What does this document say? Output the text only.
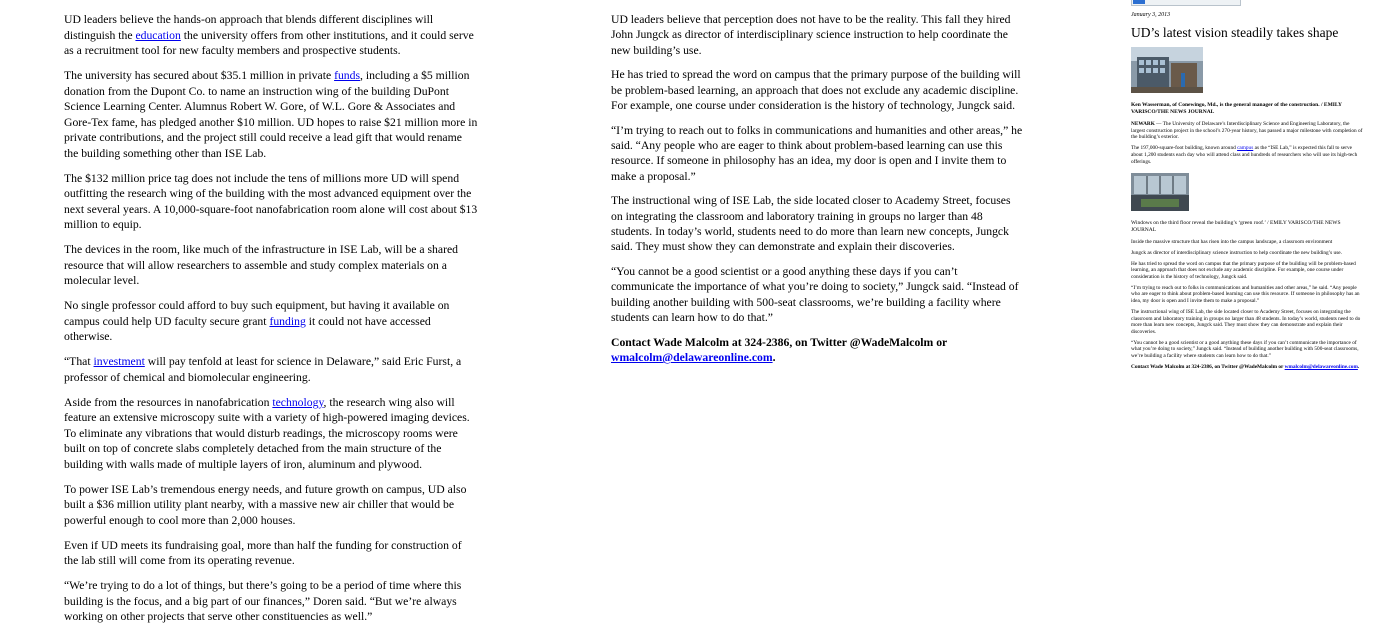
UD leaders believe the hands-on approach that blends different disciplines will distinguish the education the university offers from other institutions, and it could serve as a recruitment tool for new faculty members and prospective students.

The university has secured about $35.1 million in private funds, including a $5 million donation from the Dupont Co. to name an instruction wing of the building DuPont Science Learning Center. Alumnus Robert W. Gore, of W.L. Gore & Associates and Gore-Tex fame, has pledged another $10 million. UD hopes to raise $21 million more in private contributions, and the project still could receive a lead gift that would rename the building something other than ISE Lab.

The $132 million price tag does not include the tens of millions more UD will spend outfitting the research wing of the building with the most advanced equipment over the next several years. A 10,000-square-foot nanofabrication room alone will cost about $13 million to equip.

The devices in the room, like much of the infrastructure in ISE Lab, will be a shared resource that will allow researchers to assemble and study complex materials on a molecular level.

No single professor could afford to buy such equipment, but having it available on campus could help UD faculty secure grant funding it could not have accessed otherwise.

“That investment will pay tenfold at least for science in Delaware,” said Eric Furst, a professor of chemical and biomolecular engineering.

Aside from the resources in nanofabrication technology, the research wing also will feature an extensive microscopy suite with a variety of high-powered imaging devices. To eliminate any vibrations that would disturb readings, the microscopy rooms were built on top of concrete slabs completely detached from the main structure of the building with walls made of multiple layers of iron, aluminum and plywood.

To power ISE Lab’s tremendous energy needs, and future growth on campus, UD also built a $36 million utility plant nearby, with a massive new air chiller that would be powerful enough to cool more than 2,000 houses.

Even if UD meets its fundraising goal, more than half the funding for construction of the lab still will come from its operating revenue.

“We’re trying to do a lot of things, but there’s going to be a period of time where this building is the focus, and a big part of our finances,” Doren said. “But we’re always working on other projects that serve other constituencies as well.”

UD leaders believe that perception does not have to be the reality. This fall they hired John Jungck as director of interdisciplinary science instruction to help coordinate the new building’s use.

He has tried to spread the word on campus that the primary purpose of the building will be problem-based learning, an approach that does not exclude any academic discipline. For example, one course under consideration is the history of technology, Jungck said.

“I’m trying to reach out to folks in communications and humanities and other areas,” he said. “Any people who are eager to think about problem-based learning can use this resource. If someone in philosophy has an idea, my door is open and I invite them to make a proposal.”

The instructional wing of ISE Lab, the side located closer to Academy Street, focuses on integrating the classroom and laboratory training in groups no larger than 48 students. In today’s world, students need to do more than learn new concepts, Jungck said. They must show they can demonstrate and explain their discoveries.

“You cannot be a good scientist or a good anything these days if you can’t communicate the importance of what you’re doing to society,” Jungck said. “Instead of building another building with 500-seat classrooms, we’re building a facility where students can learn how to do that.”

Contact Wade Malcolm at 324-2386, on Twitter @WadeMalcolm or wmalcolm@delawareonline.com.

January 3, 2013
UD’s latest vision steadily takes shape
Ken Wasserman, of Conewingo, Md., is the general manager of the construction. / EMILY VARISCO/THE NEWS JOURNAL

NEWARK — The University of Delaware’s Interdisciplinary Science and Engineering Laboratory, the largest construction project in the school’s 270-year history, has passed a major milestone with completion of the building’s exterior.

The 197,000-square-foot building, known around campus as the “ISE Lab,” is expected this fall to serve about 1,200 students each day who will attend class and hundreds of researchers who will use its high-tech offerings.

Windows on the third floor reveal the building’s ‘green roof.’ / EMILY VARISCO/THE NEWS JOURNAL

Inside the massive structure that has risen into the campus landscape, a classroom environment

Jungck as director of interdisciplinary science instruction to help coordinate the new building’s use.

He has tried to spread the word on campus that the primary purpose of the building will be problem-based learning, an approach that does not exclude any academic discipline. For example, one course under consideration is the history of technology, Jungck said.

“I’m trying to reach out to folks in communications and humanities and other areas,” he said. “Any people who are eager to think about problem-based learning can use this resource. If someone in philosophy has an idea, my door is open and I invite them to make a proposal.”

The instructional wing of ISE Lab, the side located closer to Academy Street, focuses on integrating the classroom and laboratory training in groups no larger than 48 students. In today’s world, students need to do more than learn new concepts, Jungck said. They must show they can demonstrate and explain their discoveries.

“You cannot be a good scientist or a good anything these days if you can’t communicate the importance of what you’re doing to society,” Jungck said. “Instead of building another building with 500-seat classrooms, we’re building a facility where students can learn how to do that.”

Contact Wade Malcolm at 324-2386, on Twitter @WadeMalcolm or wmalcolm@delawareonline.com.
